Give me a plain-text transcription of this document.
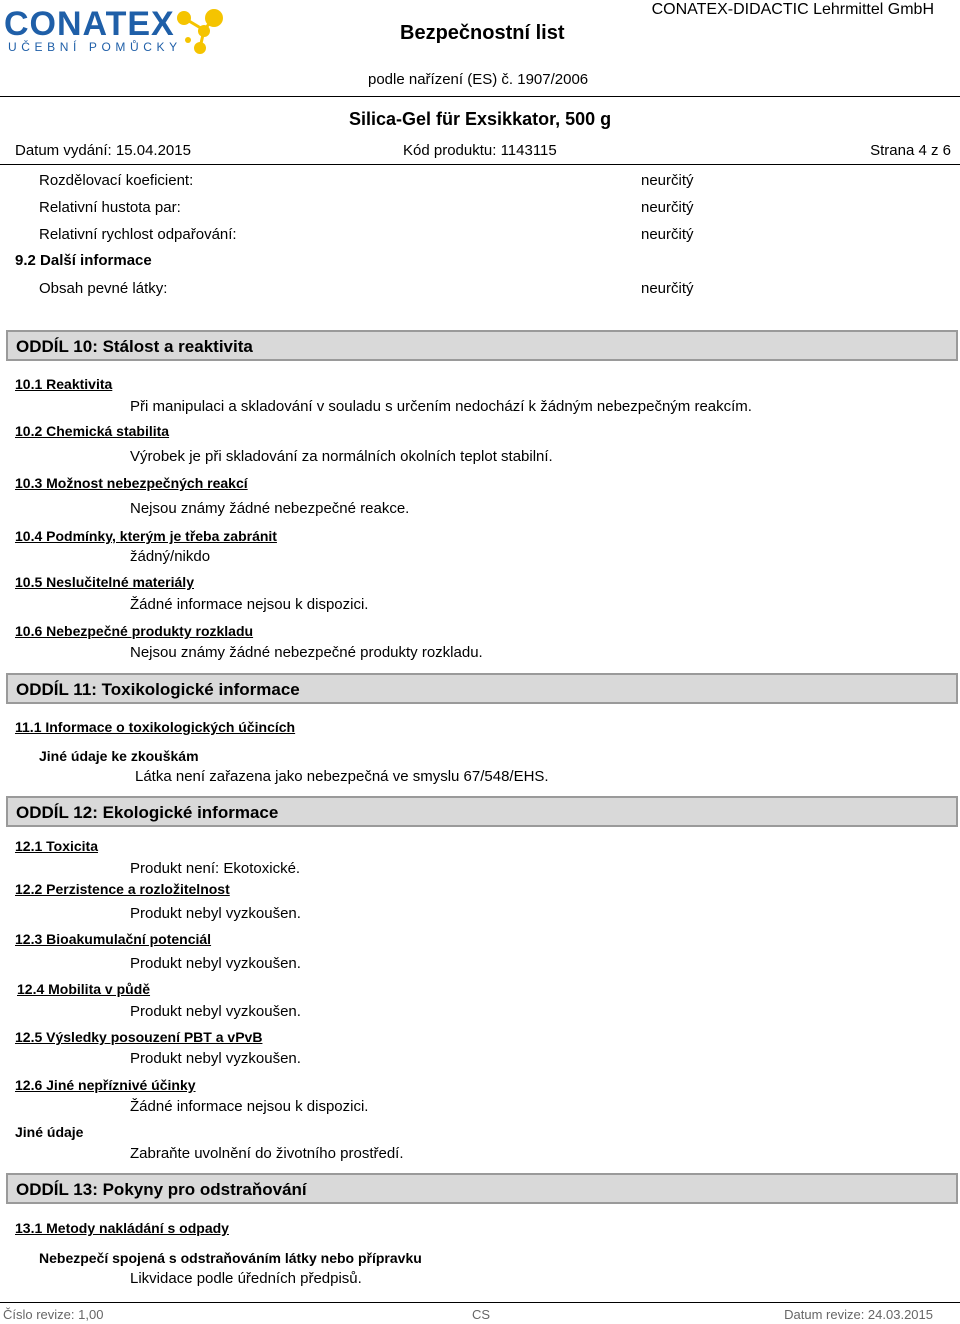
CONATEX
UČEBNÍ POMŮCKY
Bezpečnostní list
CONATEX-DIDACTIC Lehrmittel GmbH
podle nařízení (ES) č. 1907/2006
Silica-Gel für Exsikkator, 500 g
Datum vydání: 15.04.2015	Kód produktu: 1143115	Strana 4 z 6
Rozdělovací koeficient:	neurčitý
Relativní hustota par:	neurčitý
Relativní rychlost odpařování:	neurčitý
9.2 Další informace
Obsah pevné látky:	neurčitý
ODDÍL 10: Stálost a reaktivita
10.1 Reaktivita
Při manipulaci a skladování v souladu s určením nedochází k žádným nebezpečným reakcím.
10.2 Chemická stabilita
Výrobek je při skladování za normálních okolních teplot stabilní.
10.3 Možnost nebezpečných reakcí
Nejsou známy žádné nebezpečné reakce.
10.4 Podmínky, kterým je třeba zabránit
žádný/nikdo
10.5 Neslučitelné materiály
Žádné informace nejsou k dispozici.
10.6 Nebezpečné produkty rozkladu
Nejsou známy žádné nebezpečné produkty rozkladu.
ODDÍL 11: Toxikologické informace
11.1 Informace o toxikologických účincích
Jiné údaje ke zkouškám
Látka není zařazena jako nebezpečná ve smyslu 67/548/EHS.
ODDÍL 12: Ekologické informace
12.1 Toxicita
Produkt není: Ekotoxické.
12.2 Perzistence a rozložitelnost
Produkt nebyl vyzkoušen.
12.3 Bioakumulační potenciál
Produkt nebyl vyzkoušen.
12.4 Mobilita v půdě
Produkt nebyl vyzkoušen.
12.5 Výsledky posouzení PBT a vPvB
Produkt nebyl vyzkoušen.
12.6 Jiné nepříznivé účinky
Žádné informace nejsou k dispozici.
Jiné údaje
Zabraňte uvolnění do životního prostředí.
ODDÍL 13: Pokyny pro odstraňování
13.1 Metody nakládání s odpady
Nebezpečí spojená s odstraňováním látky nebo přípravku
Likvidace podle úředních předpisů.
Číslo revize: 1,00	CS	Datum revize: 24.03.2015
